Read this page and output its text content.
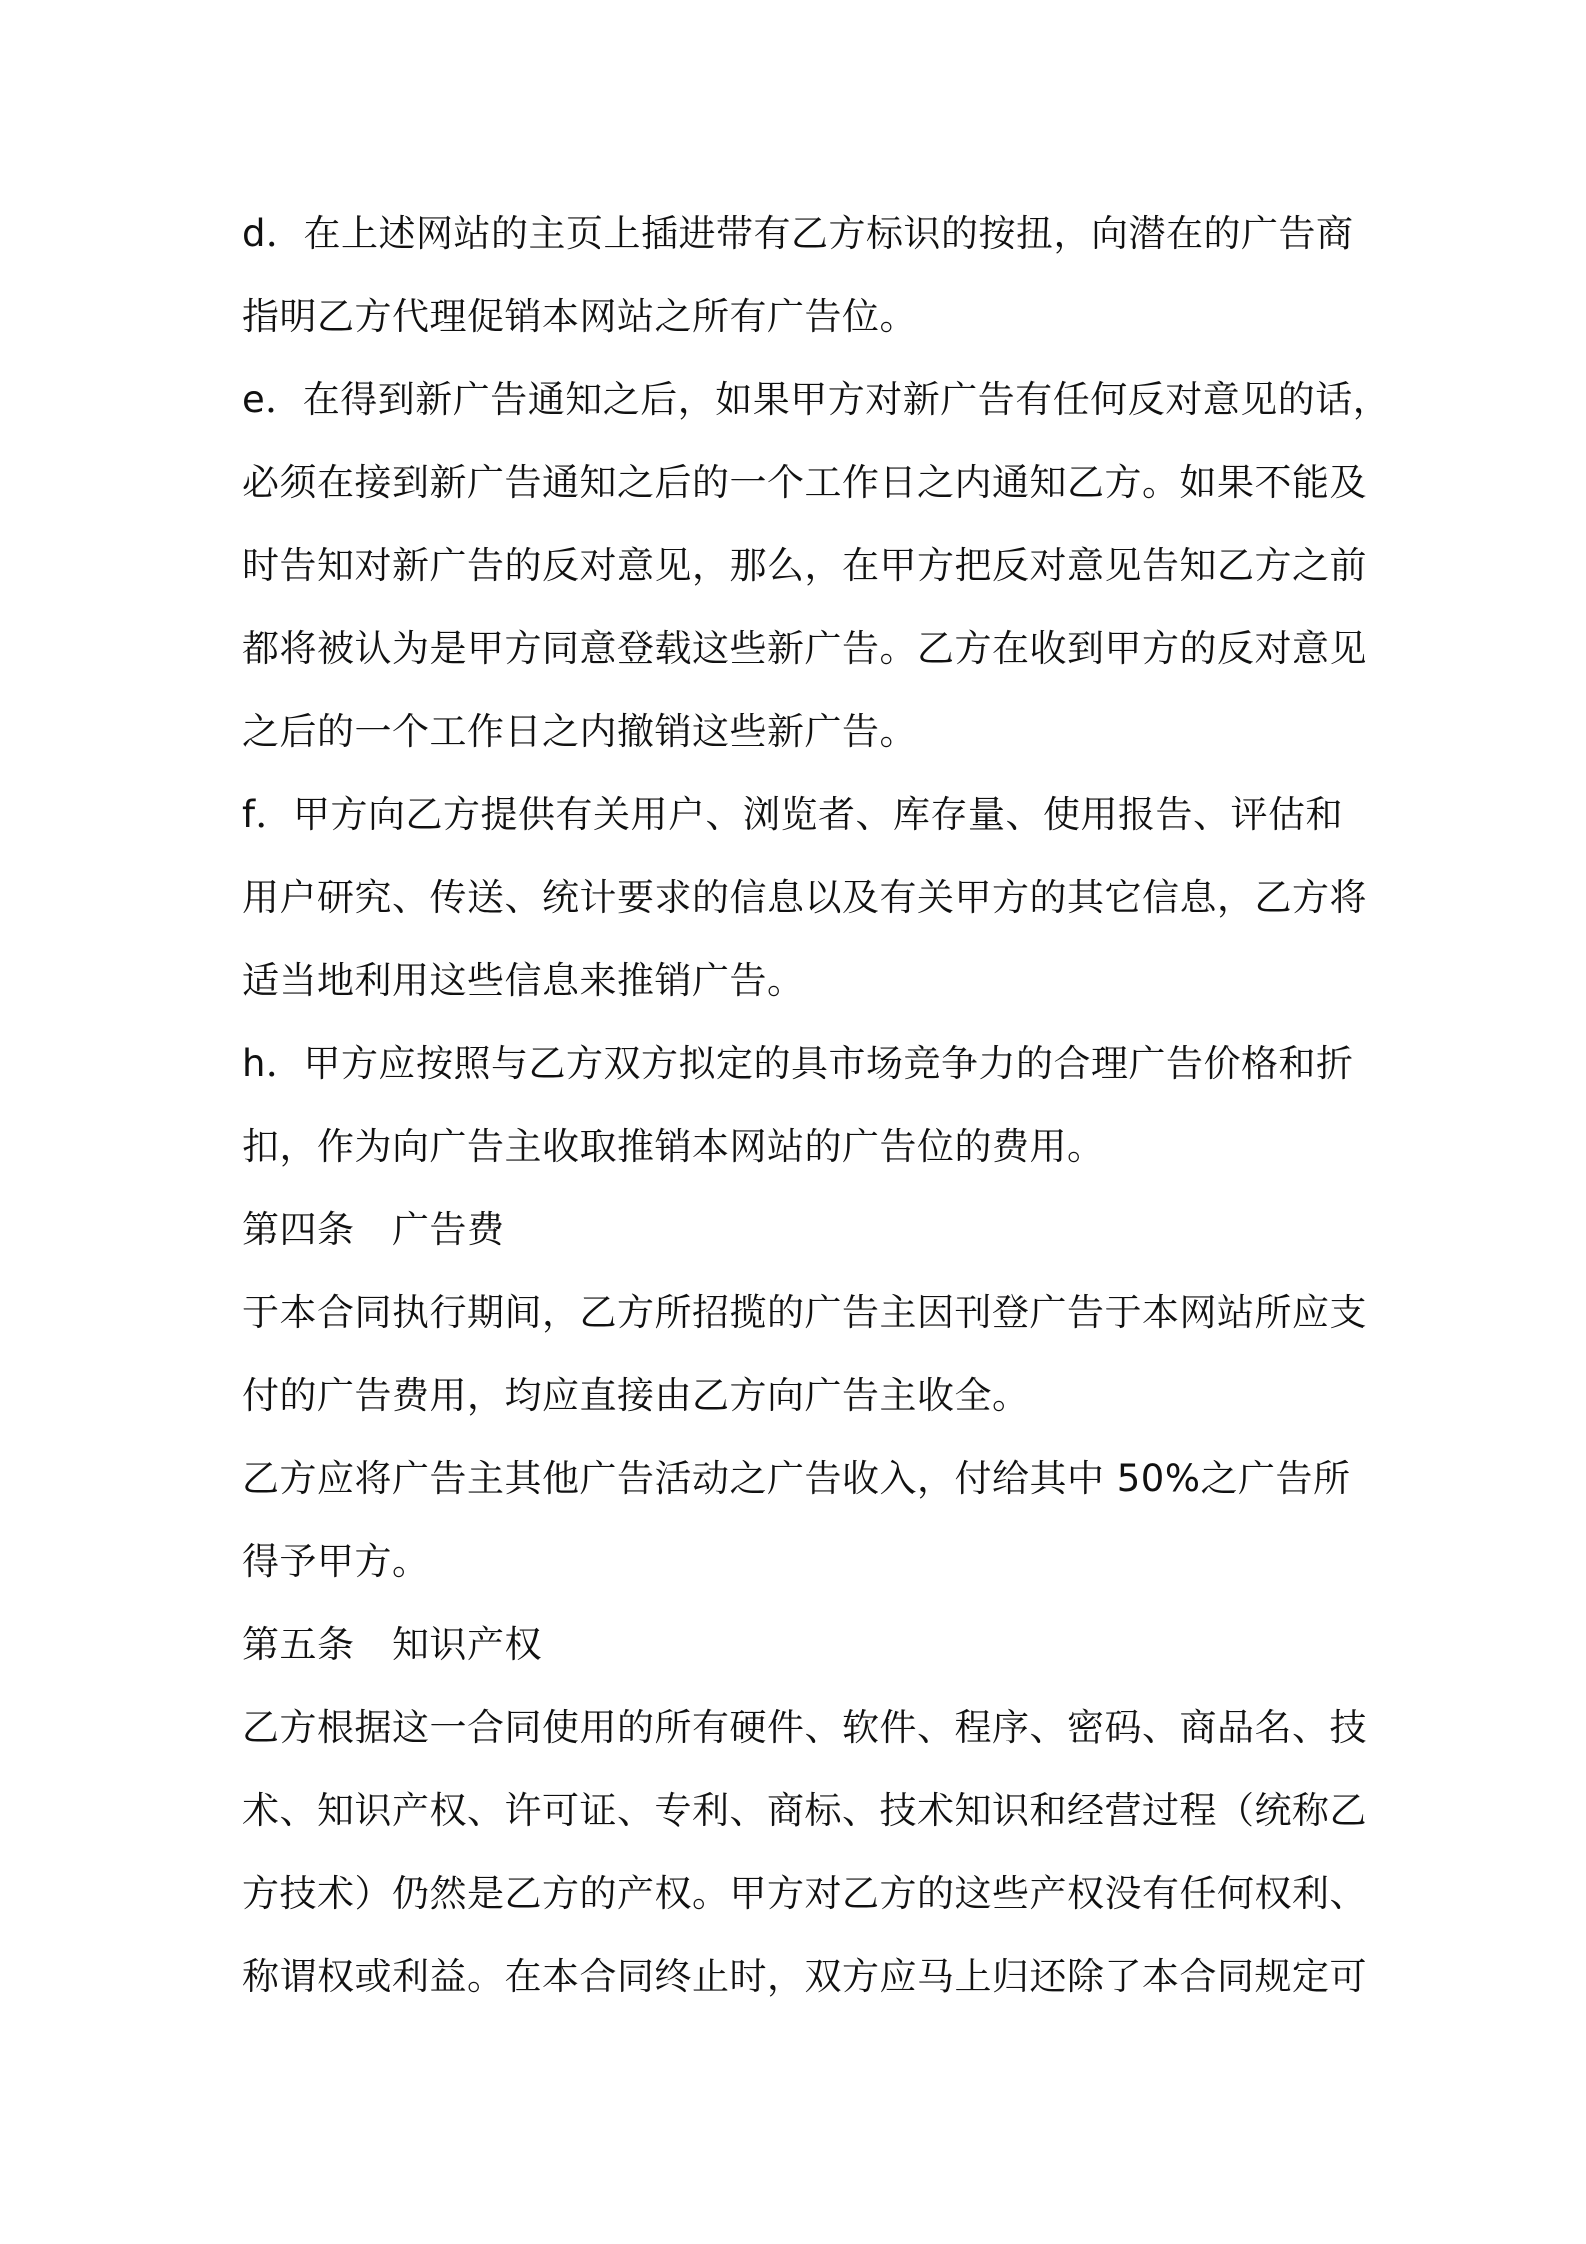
d．在上述网站的主页上插进带有乙方标识的按扭，向潜在的广告商
指明乙方代理促销本网站之所有广告位。
e．在得到新广告通知之后，如果甲方对新广告有任何反对意见的话，
必须在接到新广告通知之后的一个工作日之内通知乙方。如果不能及
时告知对新广告的反对意见，那么，在甲方把反对意见告知乙方之前
都将被认为是甲方同意登载这些新广告。乙方在收到甲方的反对意见
之后的一个工作日之内撤销这些新广告。
f．甲方向乙方提供有关用户、浏览者、库存量、使用报告、评估和
用户研究、传送、统计要求的信息以及有关甲方的其它信息，乙方将
适当地利用这些信息来推销广告。
h．甲方应按照与乙方双方拟定的具市场竞争力的合理广告价格和折
扣，作为向广告主收取推销本网站的广告位的费用。
第四条　广告费
于本合同执行期间，乙方所招揽的广告主因刊登广告于本网站所应支
付的广告费用，均应直接由乙方向广告主收全。
乙方应将广告主其他广告活动之广告收入，付给其中 50%之广告所
得予甲方。
第五条　知识产权
乙方根据这一合同使用的所有硬件、软件、程序、密码、商品名、技
术、知识产权、许可证、专利、商标、技术知识和经营过程（统称乙
方技术）仍然是乙方的产权。甲方对乙方的这些产权没有任何权利、
称谓权或利益。在本合同终止时，双方应马上归还除了本合同规定可
